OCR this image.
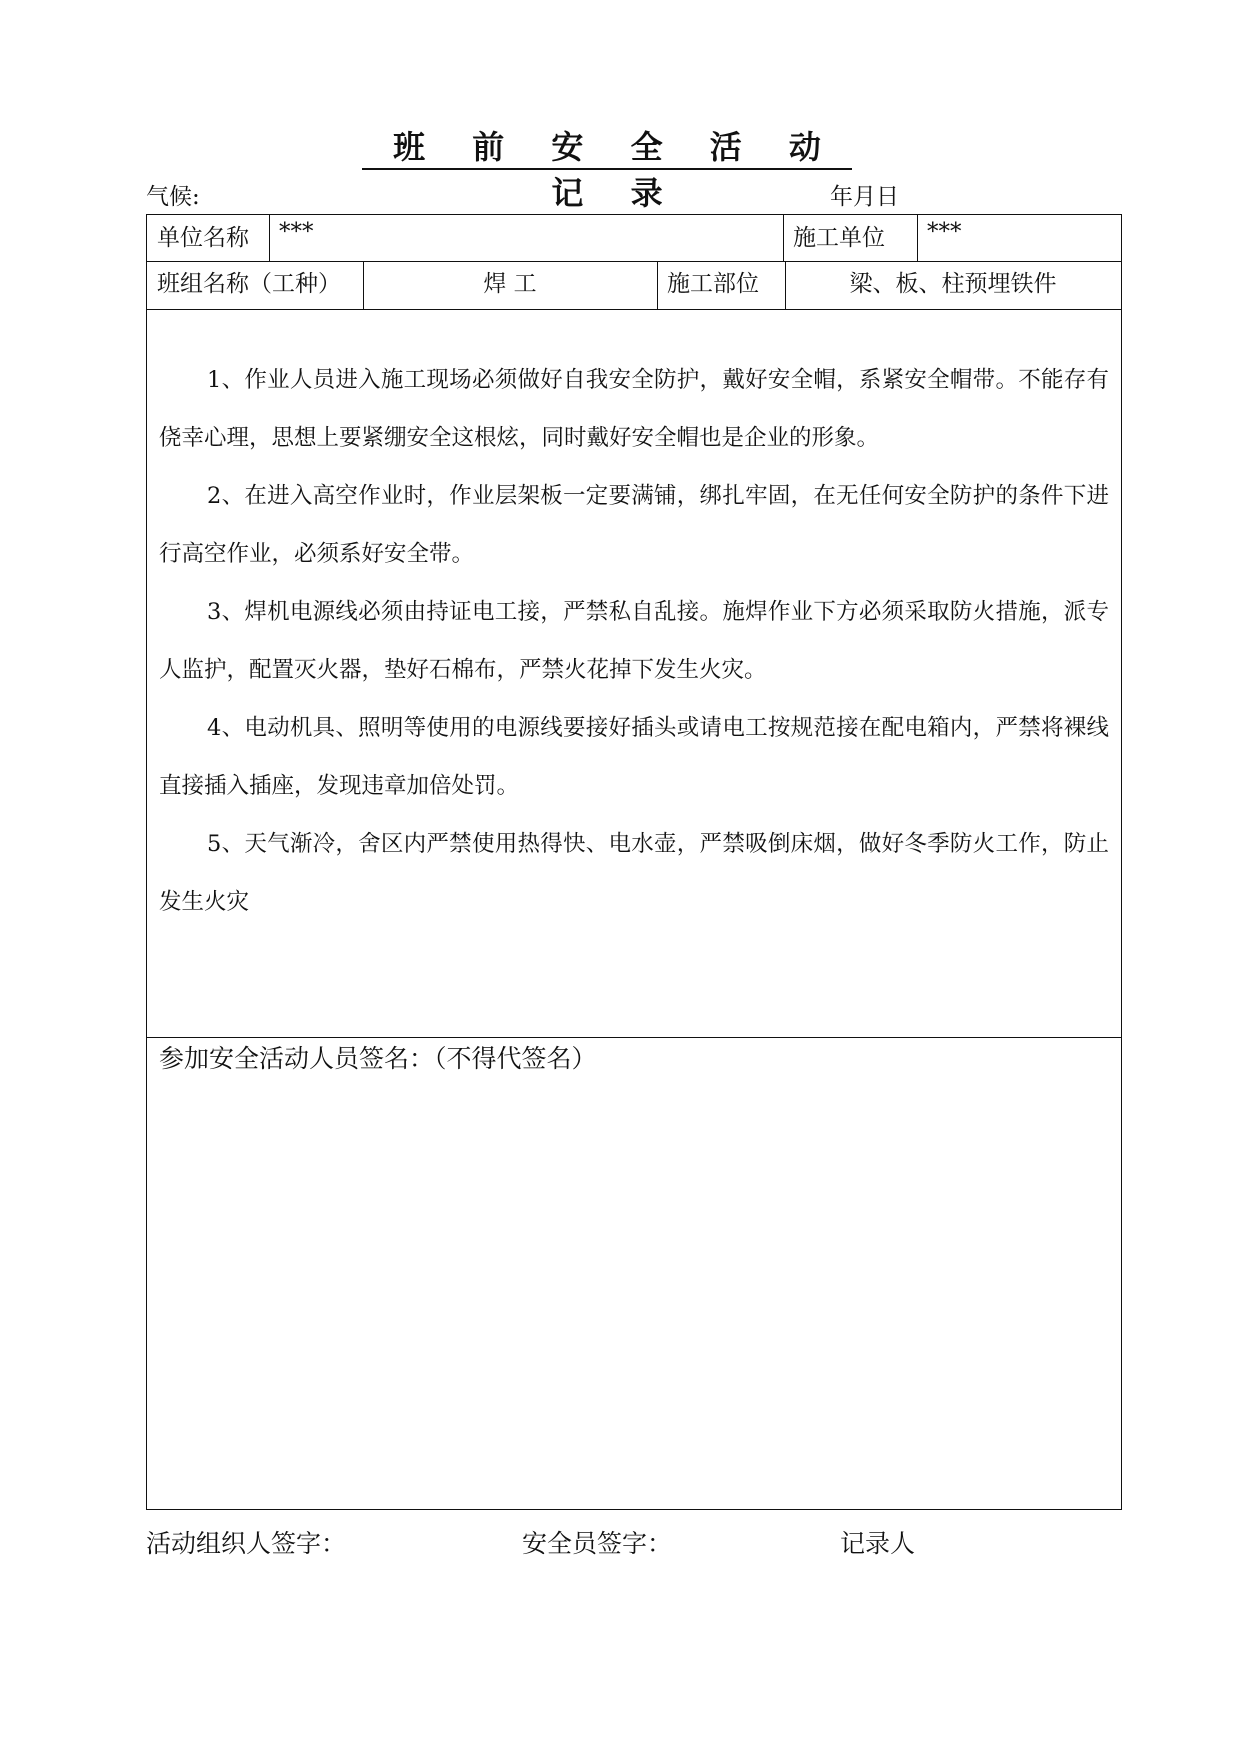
班 前 安 全 活 动 记 录
气候:	年月日
单位名称	***	施工单位	***
班组名称（工种）	焊 工	施工部位	梁、板、柱预埋铁件

1、作业人员进入施工现场必须做好自我安全防护，戴好安全帽，系紧安全帽带。不能存有侥幸心理，思想上要紧绷安全这根炫，同时戴好安全帽也是企业的形象。

2、在进入高空作业时，作业层架板一定要满铺，绑扎牢固，在无任何安全防护的条件下进行高空作业，必须系好安全带。

3、焊机电源线必须由持证电工接，严禁私自乱接。施焊作业下方必须采取防火措施，派专人监护，配置灭火器，垫好石棉布，严禁火花掉下发生火灾。

4、电动机具、照明等使用的电源线要接好插头或请电工按规范接在配电箱内，严禁将裸线直接插入插座，发现违章加倍处罚。

5、天气渐冷，舍区内严禁使用热得快、电水壶，严禁吸倒床烟，做好冬季防火工作，防止发生火灾

参加安全活动人员签名：（不得代签名）
活动组织人签字：	安全员签字：	记录人
